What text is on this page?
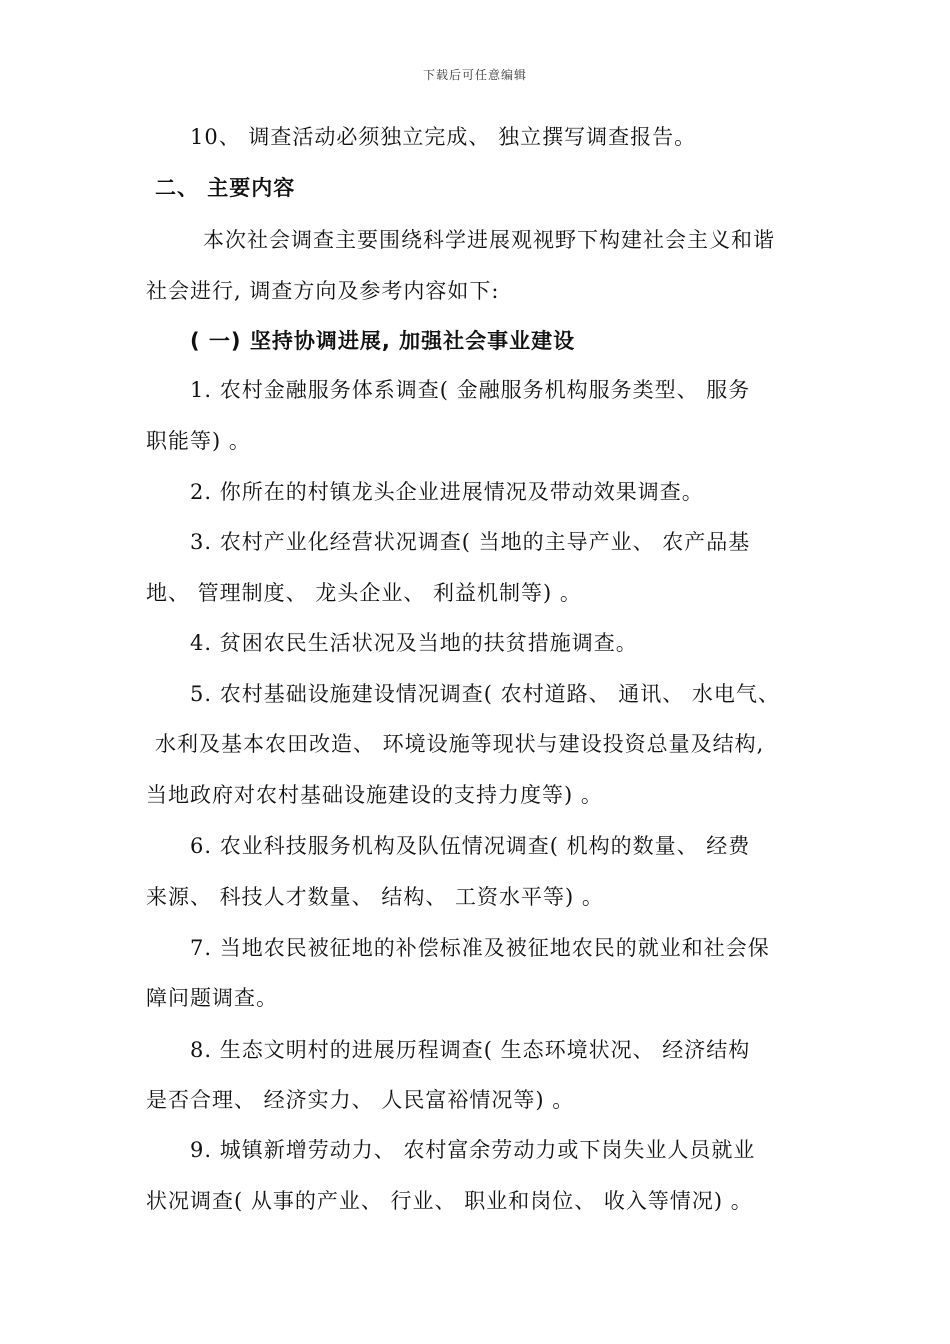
下载后可任意编辑
10、 调查活动必须独立完成、 独立撰写调查报告。
二、 主要内容
本次社会调查主要围绕科学进展观视野下构建社会主义和谐
社会进行, 调查方向及参考内容如下:
( 一) 坚持协调进展, 加强社会事业建设
1. 农村金融服务体系调查( 金融服务机构服务类型、 服务
职能等) 。
2. 你所在的村镇龙头企业进展情况及带动效果调查。
3. 农村产业化经营状况调查( 当地的主导产业、 农产品基
地、 管理制度、 龙头企业、 利益机制等) 。
4. 贫困农民生活状况及当地的扶贫措施调查。
5. 农村基础设施建设情况调查( 农村道路、 通讯、 水电气、
水利及基本农田改造、 环境设施等现状与建设投资总量及结构,
当地政府对农村基础设施建设的支持力度等) 。
6. 农业科技服务机构及队伍情况调查( 机构的数量、 经费
来源、 科技人才数量、 结构、 工资水平等) 。
7. 当地农民被征地的补偿标准及被征地农民的就业和社会保
障问题调查。
8. 生态文明村的进展历程调查( 生态环境状况、 经济结构
是否合理、 经济实力、 人民富裕情况等) 。
9. 城镇新增劳动力、 农村富余劳动力或下岗失业人员就业
状况调查( 从事的产业、 行业、 职业和岗位、 收入等情况) 。
